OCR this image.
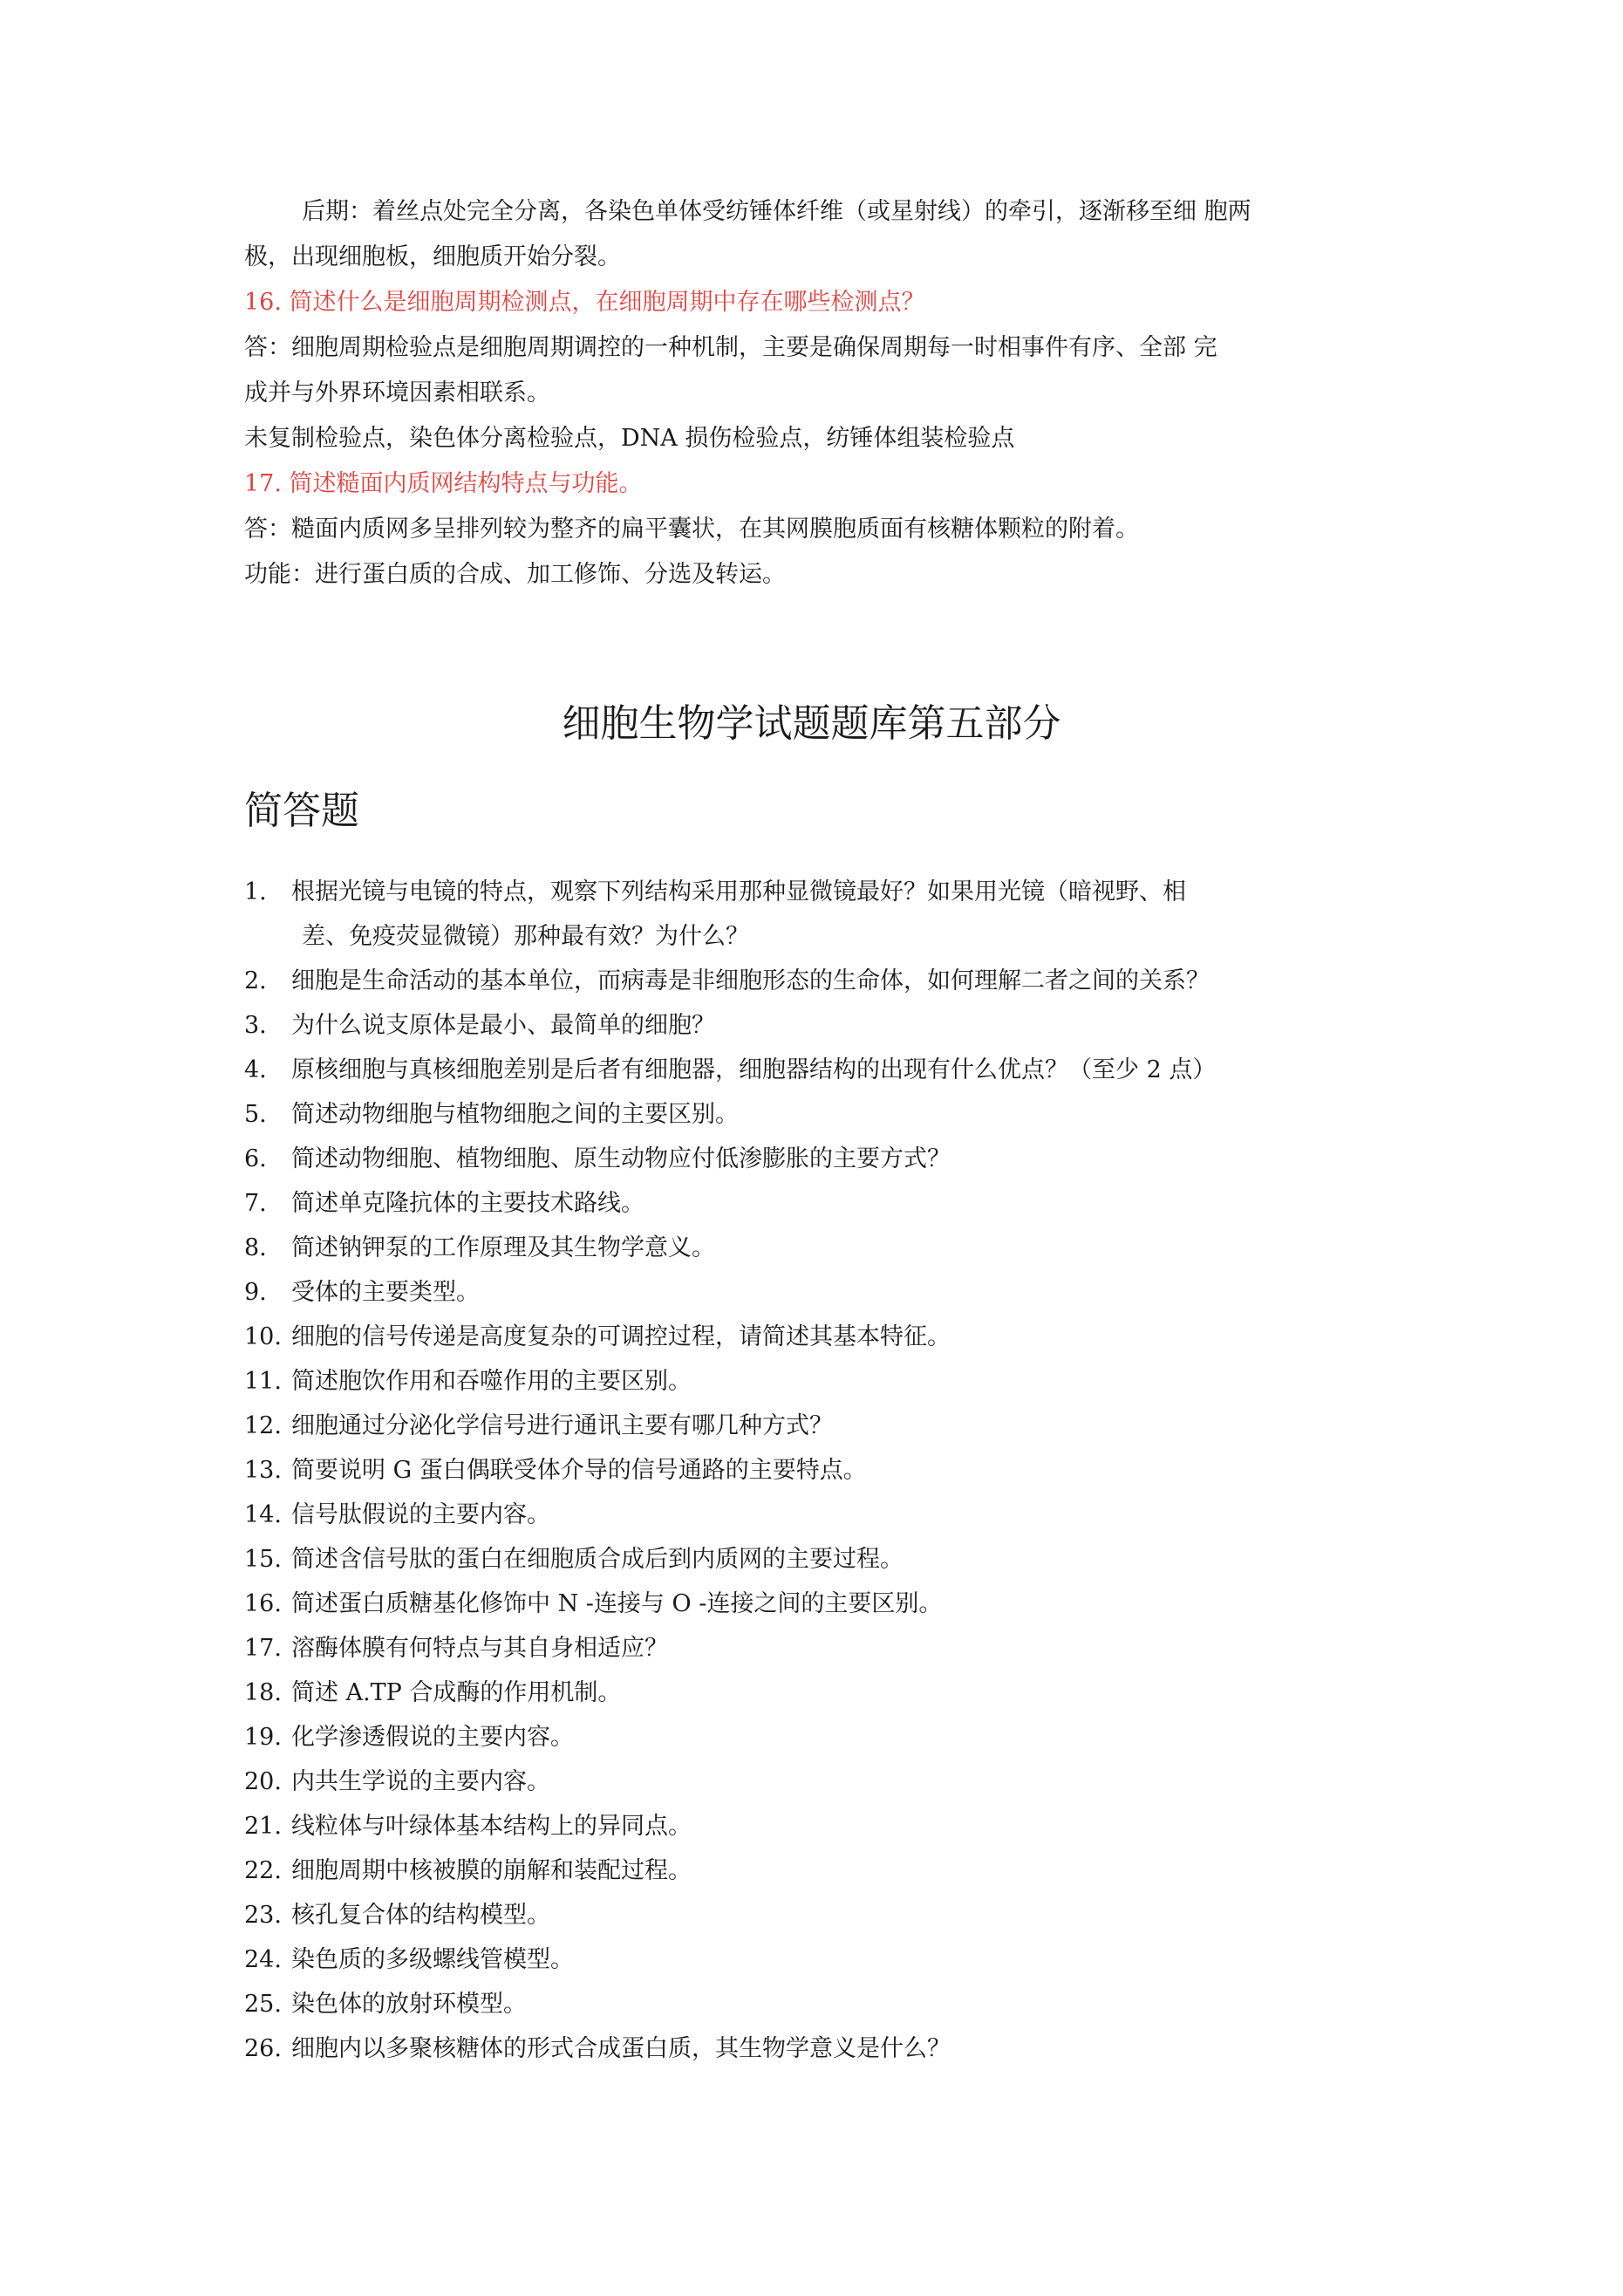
后期：着丝点处完全分离，各染色单体受纺锤体纤维（或星射线）的牵引，逐渐移至细 胞两
极，出现细胞板，细胞质开始分裂。
16. 简述什么是细胞周期检测点，在细胞周期中存在哪些检测点？
答：细胞周期检验点是细胞周期调控的一种机制，主要是确保周期每一时相事件有序、全部 完
成并与外界环境因素相联系。
未复制检验点，染色体分离检验点，DNA 损伤检验点，纺锤体组装检验点
17. 简述糙面内质网结构特点与功能。
答：糙面内质网多呈排列较为整齐的扁平囊状，在其网膜胞质面有核糖体颗粒的附着。
功能：进行蛋白质的合成、加工修饰、分选及转运。
细胞生物学试题题库第五部分
简答题
1. 根据光镜与电镜的特点，观察下列结构采用那种显微镜最好？如果用光镜（暗视野、相
差、免疫荧显微镜）那种最有效？为什么？
2. 细胞是生命活动的基本单位，而病毒是非细胞形态的生命体，如何理解二者之间的关系？
3. 为什么说支原体是最小、最简单的细胞？
4. 原核细胞与真核细胞差别是后者有细胞器，细胞器结构的出现有什么优点？（至少 2 点）
5. 简述动物细胞与植物细胞之间的主要区别。
6. 简述动物细胞、植物细胞、原生动物应付低渗膨胀的主要方式？
7. 简述单克隆抗体的主要技术路线。
8. 简述钠钾泵的工作原理及其生物学意义。
9. 受体的主要类型。
10. 细胞的信号传递是高度复杂的可调控过程，请简述其基本特征。
11. 简述胞饮作用和吞噬作用的主要区别。
12. 细胞通过分泌化学信号进行通讯主要有哪几种方式？
13. 简要说明 G 蛋白偶联受体介导的信号通路的主要特点。
14. 信号肽假说的主要内容。
15. 简述含信号肽的蛋白在细胞质合成后到内质网的主要过程。
16. 简述蛋白质糖基化修饰中 N -连接与 O -连接之间的主要区别。
17. 溶酶体膜有何特点与其自身相适应？
18. 简述 A.TP 合成酶的作用机制。
19. 化学渗透假说的主要内容。
20. 内共生学说的主要内容。
21. 线粒体与叶绿体基本结构上的异同点。
22. 细胞周期中核被膜的崩解和装配过程。
23. 核孔复合体的结构模型。
24. 染色质的多级螺线管模型。
25. 染色体的放射环模型。
26. 细胞内以多聚核糖体的形式合成蛋白质，其生物学意义是什么？
